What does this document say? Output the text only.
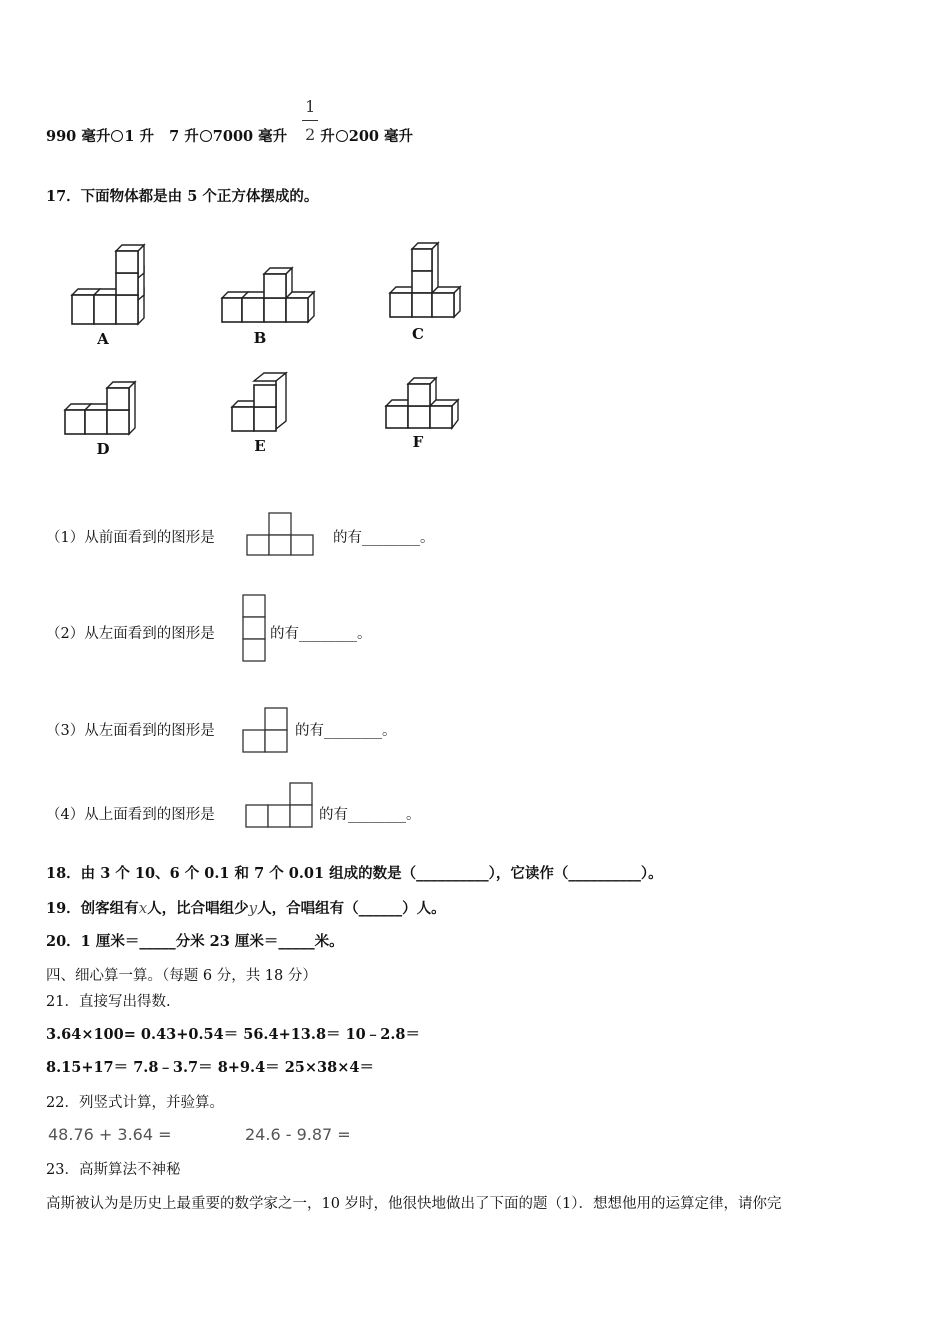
990 毫升 1 升 7 升 7000 毫升 $\frac{1}{2}$ 升 200 毫升
17．下面物体都是由 5 个正方体摆成的。
A	B	C
D	E	F
（1）从前面看到的图形是	的有________。
（2）从左面看到的图形是	的有________。
（3）从左面看到的图形是	的有________。
（4）从上面看到的图形是	的有________。
18．由 3 个 10、6 个 0.1 和 7 个 0.01 组成的数是（__________），它读作（__________）。
19．创客组有x人，比合唱组少y人，合唱组有（______）人。
20．1 厘米＝_____分米 23 厘米＝_____米。
四、细心算一算。（每题 6 分，共 18 分）
21．直接写出得数.
3.64×100= 0.43+0.54＝ 56.4+13.8＝ 10﹣2.8＝
8.15+17＝ 7.8﹣3.7＝ 8+9.4＝ 25×38×4＝
22．列竖式计算，并验算。
48.76 + 3.64 =	24.6 - 9.87 =
23．高斯算法不神秘
高斯被认为是历史上最重要的数学家之一，10 岁时，他很快地做出了下面的题（1）．想想他用的运算定律，请你完
